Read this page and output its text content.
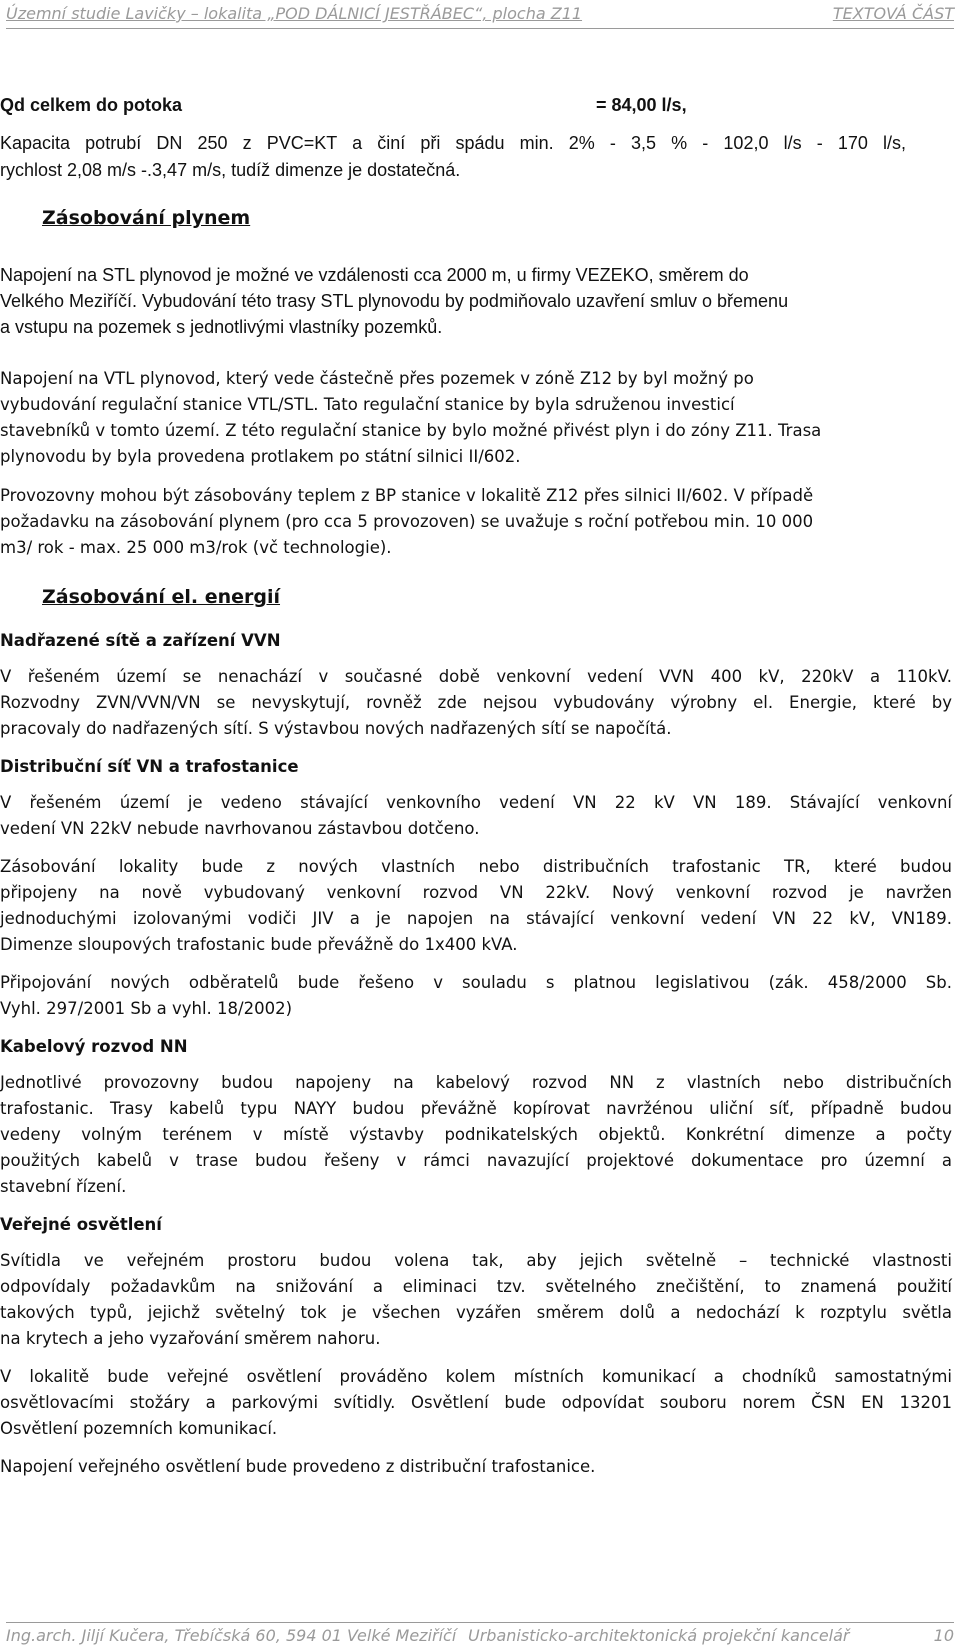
Územní studie Lavičky – lokalita „POD DÁLNICÍ JESTŘÁBEC“, plocha Z11	TEXTOVÁ ČÁST
Qd celkem do potoka	= 84,00 l/s,
Kapacita potrubí DN 250 z PVC=KT a činí při spádu min. 2% - 3,5 % - 102,0 l/s - 170 l/s,
rychlost 2,08 m/s -.3,47 m/s, tudíž dimenze je dostatečná.
Zásobování plynem
Napojení na STL plynovod je možné ve vzdálenosti cca 2000 m, u firmy VEZEKO, směrem do
Velkého Meziříčí. Vybudování této trasy STL plynovodu by podmiňovalo uzavření smluv o břemenu
a vstupu na pozemek s jednotlivými vlastníky pozemků.
Napojení na VTL plynovod, který vede částečně přes pozemek v zóně Z12 by byl možný po
vybudování regulační stanice VTL/STL. Tato regulační stanice by byla sdruženou investicí
stavebníků v tomto území. Z této regulační stanice by bylo možné přivést plyn i do zóny Z11. Trasa
plynovodu by byla provedena protlakem po státní silnici II/602.
Provozovny mohou být zásobovány teplem z BP stanice v lokalitě Z12 přes silnici II/602. V případě
požadavku na zásobování plynem (pro cca 5 provozoven) se uvažuje s roční potřebou min. 10 000
m3/ rok - max. 25 000 m3/rok (vč technologie).
Zásobování el. energií
Nadřazené sítě a zařízení VVN
V řešeném území se nenachází v současné době venkovní vedení VVN 400 kV, 220kV a 110kV.
Rozvodny ZVN/VVN/VN se nevyskytují, rovněž zde nejsou vybudovány výrobny el. Energie, které by
pracovaly do nadřazených sítí. S výstavbou nových nadřazených sítí se napočítá.
Distribuční síť VN a trafostanice
V řešeném území je vedeno stávající venkovního vedení VN 22 kV VN 189. Stávající venkovní
vedení VN 22kV nebude navrhovanou zástavbou dotčeno.
Zásobování lokality bude z nových vlastních nebo distribučních trafostanic TR, které budou
připojeny na nově vybudovaný venkovní rozvod VN 22kV. Nový venkovní rozvod je navržen
jednoduchými izolovanými vodiči JIV a je napojen na stávající venkovní vedení VN 22 kV, VN189.
Dimenze sloupových trafostanic bude převážně do 1x400 kVA.
Připojování nových odběratelů bude řešeno v souladu s platnou legislativou (zák. 458/2000 Sb.
Vyhl. 297/2001 Sb a vyhl. 18/2002)
Kabelový rozvod NN
Jednotlivé provozovny budou napojeny na kabelový rozvod NN z vlastních nebo distribučních
trafostanic. Trasy kabelů typu NAYY budou převážně kopírovat navržénou uliční síť, případně budou
vedeny volným terénem v místě výstavby podnikatelských objektů. Konkrétní dimenze a počty
použitých kabelů v trase budou řešeny v rámci navazující projektové dokumentace pro územní a
stavební řízení.
Veřejné osvětlení
Svítidla ve veřejném prostoru budou volena tak, aby jejich světelně – technické vlastnosti
odpovídaly požadavkům na snižování a eliminaci tzv. světelného znečištění, to znamená použití
takových typů, jejichž světelný tok je všechen vyzářen směrem dolů a nedochází k rozptylu světla
na krytech a jeho vyzařování směrem nahoru.
V lokalitě bude veřejné osvětlení prováděno kolem místních komunikací a chodníků samostatnými
osvětlovacími stožáry a parkovými svítidly. Osvětlení bude odpovídat souboru norem ČSN EN 13201
Osvětlení pozemních komunikací.
Napojení veřejného osvětlení bude provedeno z distribuční trafostanice.
Ing.arch. Jiljí Kučera, Třebíčská 60, 594 01 Velké Meziříčí Urbanisticko-architektonická projekční kancelář	10
